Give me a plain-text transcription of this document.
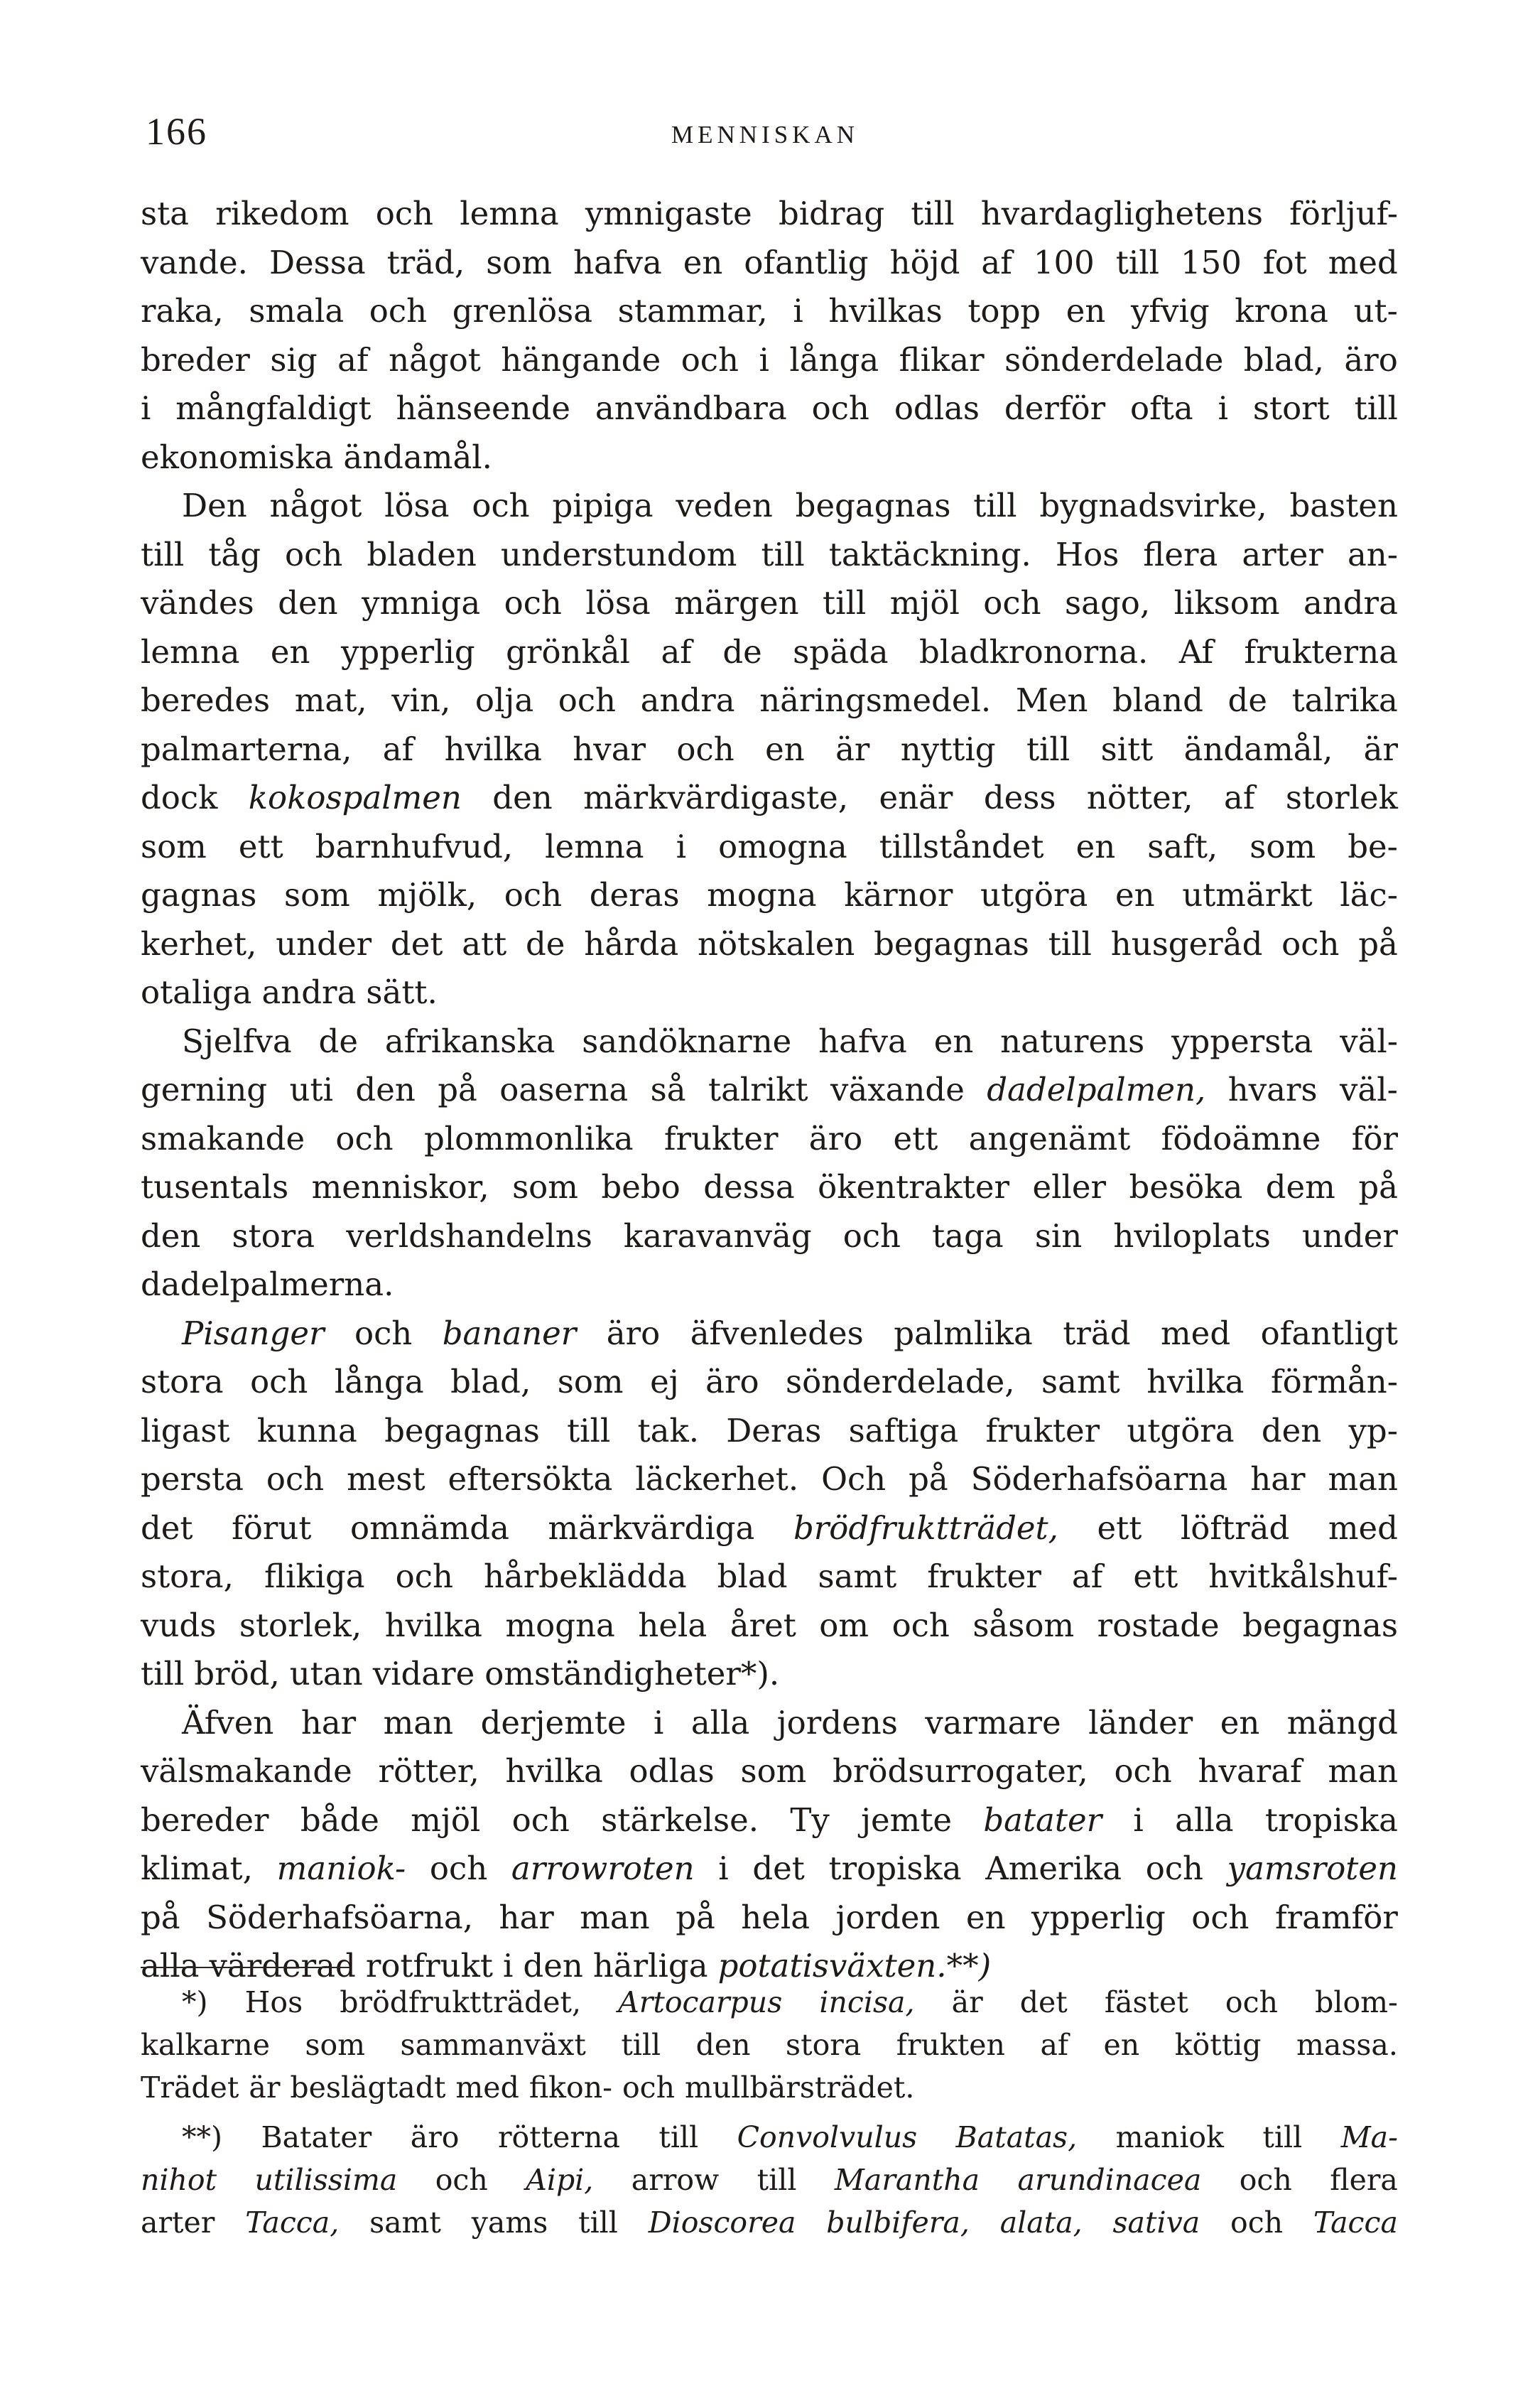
166	MENNISKAN
sta rikedom och lemna ymnigaste bidrag till hvardaglighetens förljuf-
vande. Dessa träd, som hafva en ofantlig höjd af 100 till 150 fot med
raka, smala och grenlösa stammar, i hvilkas topp en yfvig krona ut-
breder sig af något hängande och i långa flikar sönderdelade blad, äro
i mångfaldigt hänseende användbara och odlas derför ofta i stort till
ekonomiska ändamål.
Den något lösa och pipiga veden begagnas till bygnadsvirke, basten
till tåg och bladen understundom till taktäckning. Hos flera arter an-
vändes den ymniga och lösa märgen till mjöl och sago, liksom andra
lemna en ypperlig grönkål af de späda bladkronorna. Af frukterna
beredes mat, vin, olja och andra näringsmedel. Men bland de talrika
palmarterna, af hvilka hvar och en är nyttig till sitt ändamål, är
dock kokospalmen den märkvärdigaste, enär dess nötter, af storlek
som ett barnhufvud, lemna i omogna tillståndet en saft, som be-
gagnas som mjölk, och deras mogna kärnor utgöra en utmärkt läc-
kerhet, under det att de hårda nötskalen begagnas till husgeråd och på
otaliga andra sätt.
Sjelfva de afrikanska sandöknarne hafva en naturens yppersta väl-
gerning uti den på oaserna så talrikt växande dadelpalmen, hvars väl-
smakande och plommonlika frukter äro ett angenämt födoämne för
tusentals menniskor, som bebo dessa ökentrakter eller besöka dem på
den stora verldshandelns karavanväg och taga sin hviloplats under
dadelpalmerna.
Pisanger och bananer äro äfvenledes palmlika träd med ofantligt
stora och långa blad, som ej äro sönderdelade, samt hvilka förmån-
ligast kunna begagnas till tak. Deras saftiga frukter utgöra den yp-
persta och mest eftersökta läckerhet. Och på Söderhafsöarna har man
det förut omnämda märkvärdiga brödfruktträdet, ett löfträd med
stora, flikiga och hårbeklädda blad samt frukter af ett hvitkålshuf-
vuds storlek, hvilka mogna hela året om och såsom rostade begagnas
till bröd, utan vidare omständigheter*).
Äfven har man derjemte i alla jordens varmare länder en mängd
välsmakande rötter, hvilka odlas som brödsurrogater, och hvaraf man
bereder både mjöl och stärkelse. Ty jemte batater i alla tropiska
klimat, maniok- och arrowroten i det tropiska Amerika och yamsroten
på Söderhafsöarna, har man på hela jorden en ypperlig och framför
alla värderad rotfrukt i den härliga potatisväxten.**)
*) Hos brödfruktträdet, Artocarpus incisa, är det fästet och blom-
kalkarne som sammanväxt till den stora frukten af en köttig massa.
Trädet är beslägtadt med fikon- och mullbärsträdet.
**) Batater äro rötterna till Convolvulus Batatas, maniok till Ma-
nihot utilissima och Aipi, arrow till Marantha arundinacea och flera
arter Tacca, samt yams till Dioscorea bulbifera, alata, sativa och Tacca
